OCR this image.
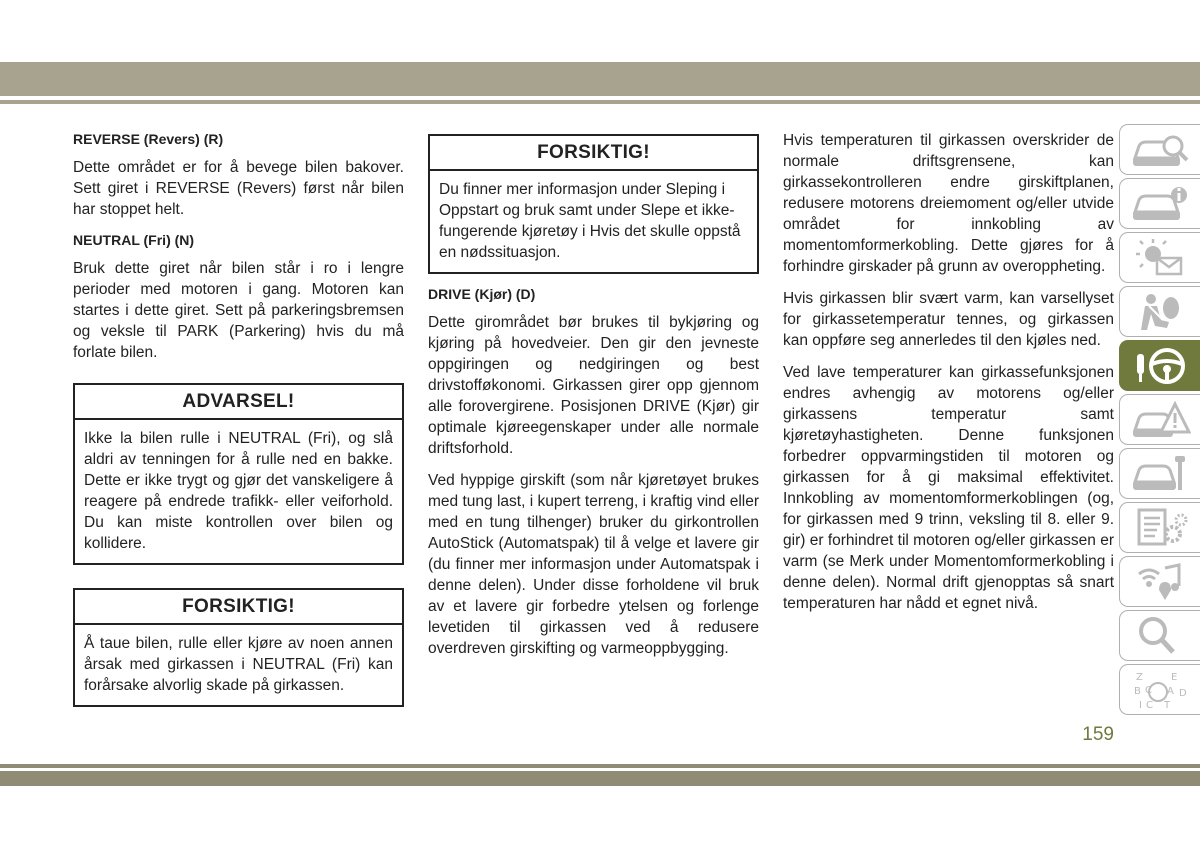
REVERSE (Revers) (R)

Dette området er for å bevege bilen bakover. Sett giret i REVERSE (Revers) først når bilen har stoppet helt.

NEUTRAL (Fri) (N)

Bruk dette giret når bilen står i ro i lengre perioder med motoren i gang. Motoren kan startes i dette giret. Sett på parkeringsbremsen og veksle til PARK (Parkering) hvis du må forlate bilen.

ADVARSEL!
Ikke la bilen rulle i NEUTRAL (Fri), og slå aldri av tenningen for å rulle ned en bakke. Dette er ikke trygt og gjør det vanskeligere å reagere på endrede trafikk- eller veiforhold. Du kan miste kontrollen over bilen og kollidere.
FORSIKTIG!
Å taue bilen, rulle eller kjøre av noen annen årsak med girkassen i NEUTRAL (Fri) kan forårsake alvorlig skade på girkassen.
FORSIKTIG!
Du finner mer informasjon under Sleping i Oppstart og bruk samt under Slepe et ikke-fungerende kjøretøy i Hvis det skulle oppstå en nødssituasjon.
DRIVE (Kjør) (D)

Dette girområdet bør brukes til bykjøring og kjøring på hovedveier. Den gir den jevneste oppgiringen og nedgiringen og best drivstofføkonomi. Girkassen girer opp gjennom alle forovergirene. Posisjonen DRIVE (Kjør) gir optimale kjøreegenskaper under alle normale driftsforhold.

Ved hyppige girskift (som når kjøretøyet brukes med tung last, i kupert terreng, i kraftig vind eller med en tung tilhenger) bruker du girkontrollen AutoStick (Automatspak) til å velge et lavere gir (du finner mer informasjon under Automatspak i denne delen). Under disse forholdene vil bruk av et lavere gir forbedre ytelsen og forlenge levetiden til girkassen ved å redusere overdreven girskifting og varmeoppbygging.

Hvis temperaturen til girkassen overskrider de normale driftsgrensene, kan girkassekontrolleren endre girskiftplanen, redusere motorens dreiemoment og/eller utvide området for innkobling av momentomformerkobling. Dette gjøres for å forhindre girskader på grunn av overoppheting.

Hvis girkassen blir svært varm, kan varsellyset for girkassetemperatur tennes, og girkassen kan oppføre seg annerledes til den kjøles ned.

Ved lave temperaturer kan girkassefunksjonen endres avhengig av motorens og/eller girkassens temperatur samt kjøretøyhastigheten. Denne funksjonen forbedrer oppvarmingstiden til motoren og girkassen for å gi maksimal effektivitet. Innkobling av momentomformerkoblingen (og, for girkassen med 9 trinn, veksling til 8. eller 9. gir) er forhindret til motoren og/eller girkassen er varm (se Merk under Momentomformerkobling i denne delen). Normal drift gjenopptas så snart temperaturen har nådd et egnet nivå.

Z	E
B C A D
I C T
159
